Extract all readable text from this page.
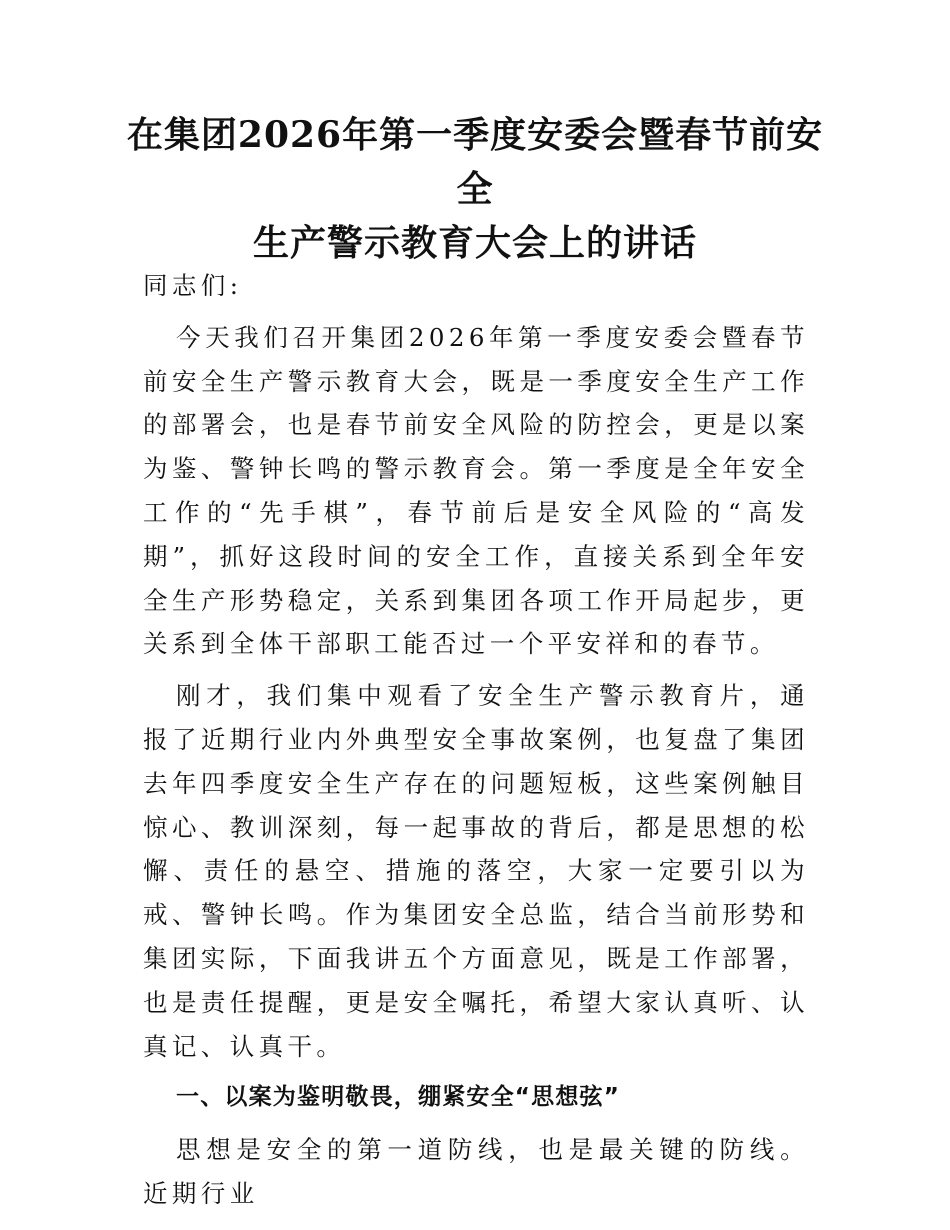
在集团2026年第一季度安委会暨春节前安全
生产警示教育大会上的讲话

同志们:

今天我们召开集团2026年第一季度安委会暨春节前安全生产警示教育大会，既是一季度安全生产工作的部署会，也是春节前安全风险的防控会，更是以案为鉴、警钟长鸣的警示教育会。第一季度是全年安全工作的“先手棋”，春节前后是安全风险的“高发期”，抓好这段时间的安全工作，直接关系到全年安全生产形势稳定，关系到集团各项工作开局起步，更关系到全体干部职工能否过一个平安祥和的春节。

刚才，我们集中观看了安全生产警示教育片，通报了近期行业内外典型安全事故案例，也复盘了集团去年四季度安全生产存在的问题短板，这些案例触目惊心、教训深刻，每一起事故的背后，都是思想的松懈、责任的悬空、措施的落空，大家一定要引以为戒、警钟长鸣。作为集团安全总监，结合当前形势和集团实际，下面我讲五个方面意见，既是工作部署，也是责任提醒，更是安全嘱托，希望大家认真听、认真记、认真干。

一、以案为鉴明敬畏，绷紧安全“思想弦”

思想是安全的第一道防线，也是最关键的防线。近期行业
